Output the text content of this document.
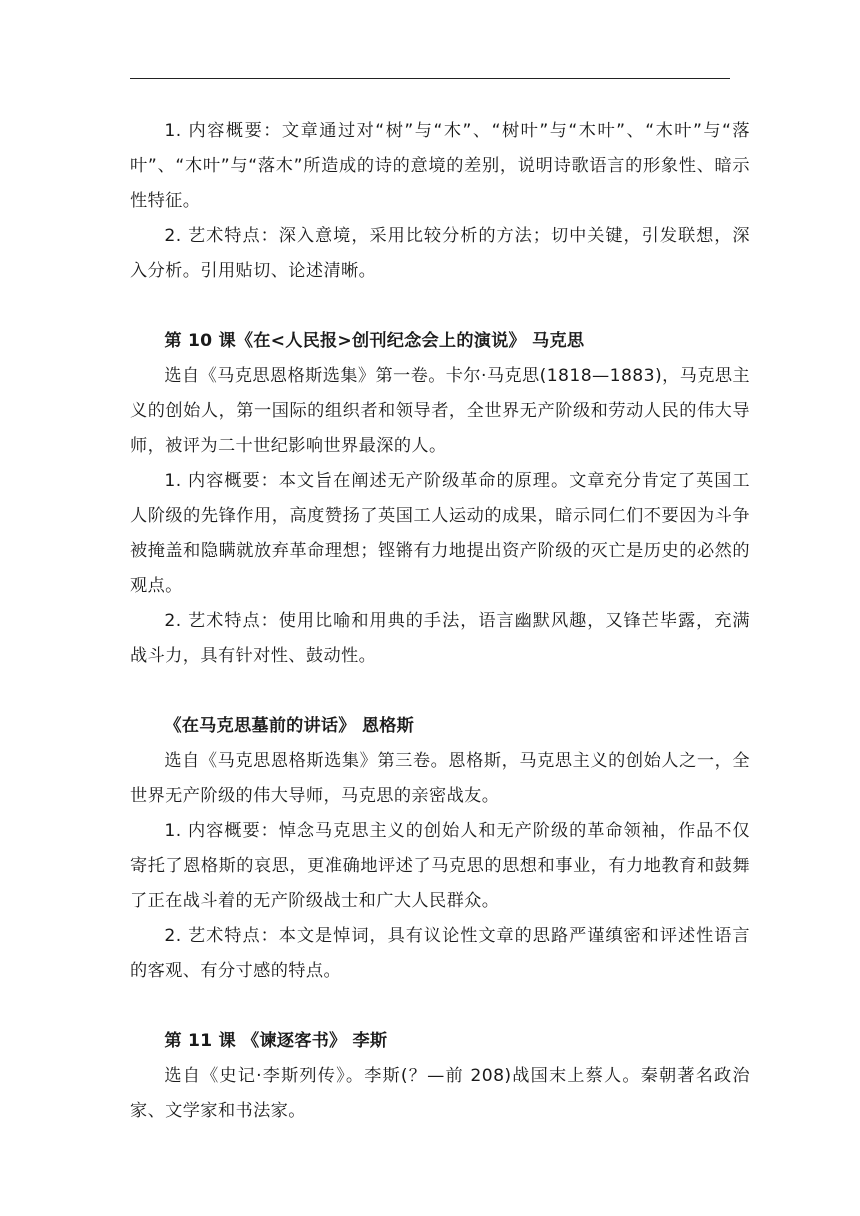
1. 内容概要：文章通过对“树”与“木”、“树叶”与“木叶”、“木叶”与“落叶”、“木叶”与“落木”所造成的诗的意境的差别，说明诗歌语言的形象性、暗示性特征。

2. 艺术特点：深入意境，采用比较分析的方法；切中关键，引发联想，深入分析。引用贴切、论述清晰。

第 10 课《在<人民报>创刊纪念会上的演说》 马克思

选自《马克思恩格斯选集》第一卷。卡尔·马克思(1818—1883)，马克思主义的创始人，第一国际的组织者和领导者，全世界无产阶级和劳动人民的伟大导师，被评为二十世纪影响世界最深的人。

1. 内容概要：本文旨在阐述无产阶级革命的原理。文章充分肯定了英国工人阶级的先锋作用，高度赞扬了英国工人运动的成果，暗示同仁们不要因为斗争被掩盖和隐瞒就放弃革命理想；铿锵有力地提出资产阶级的灭亡是历史的必然的观点。

2. 艺术特点：使用比喻和用典的手法，语言幽默风趣，又锋芒毕露，充满战斗力，具有针对性、鼓动性。

《在马克思墓前的讲话》 恩格斯

选自《马克思恩格斯选集》第三卷。恩格斯，马克思主义的创始人之一，全世界无产阶级的伟大导师，马克思的亲密战友。

1. 内容概要：悼念马克思主义的创始人和无产阶级的革命领袖，作品不仅寄托了恩格斯的哀思，更准确地评述了马克思的思想和事业，有力地教育和鼓舞了正在战斗着的无产阶级战士和广大人民群众。

2. 艺术特点：本文是悼词，具有议论性文章的思路严谨缜密和评述性语言的客观、有分寸感的特点。

第 11 课 《谏逐客书》 李斯

选自《史记·李斯列传》。李斯(？—前 208)战国末上蔡人。秦朝著名政治家、文学家和书法家。
